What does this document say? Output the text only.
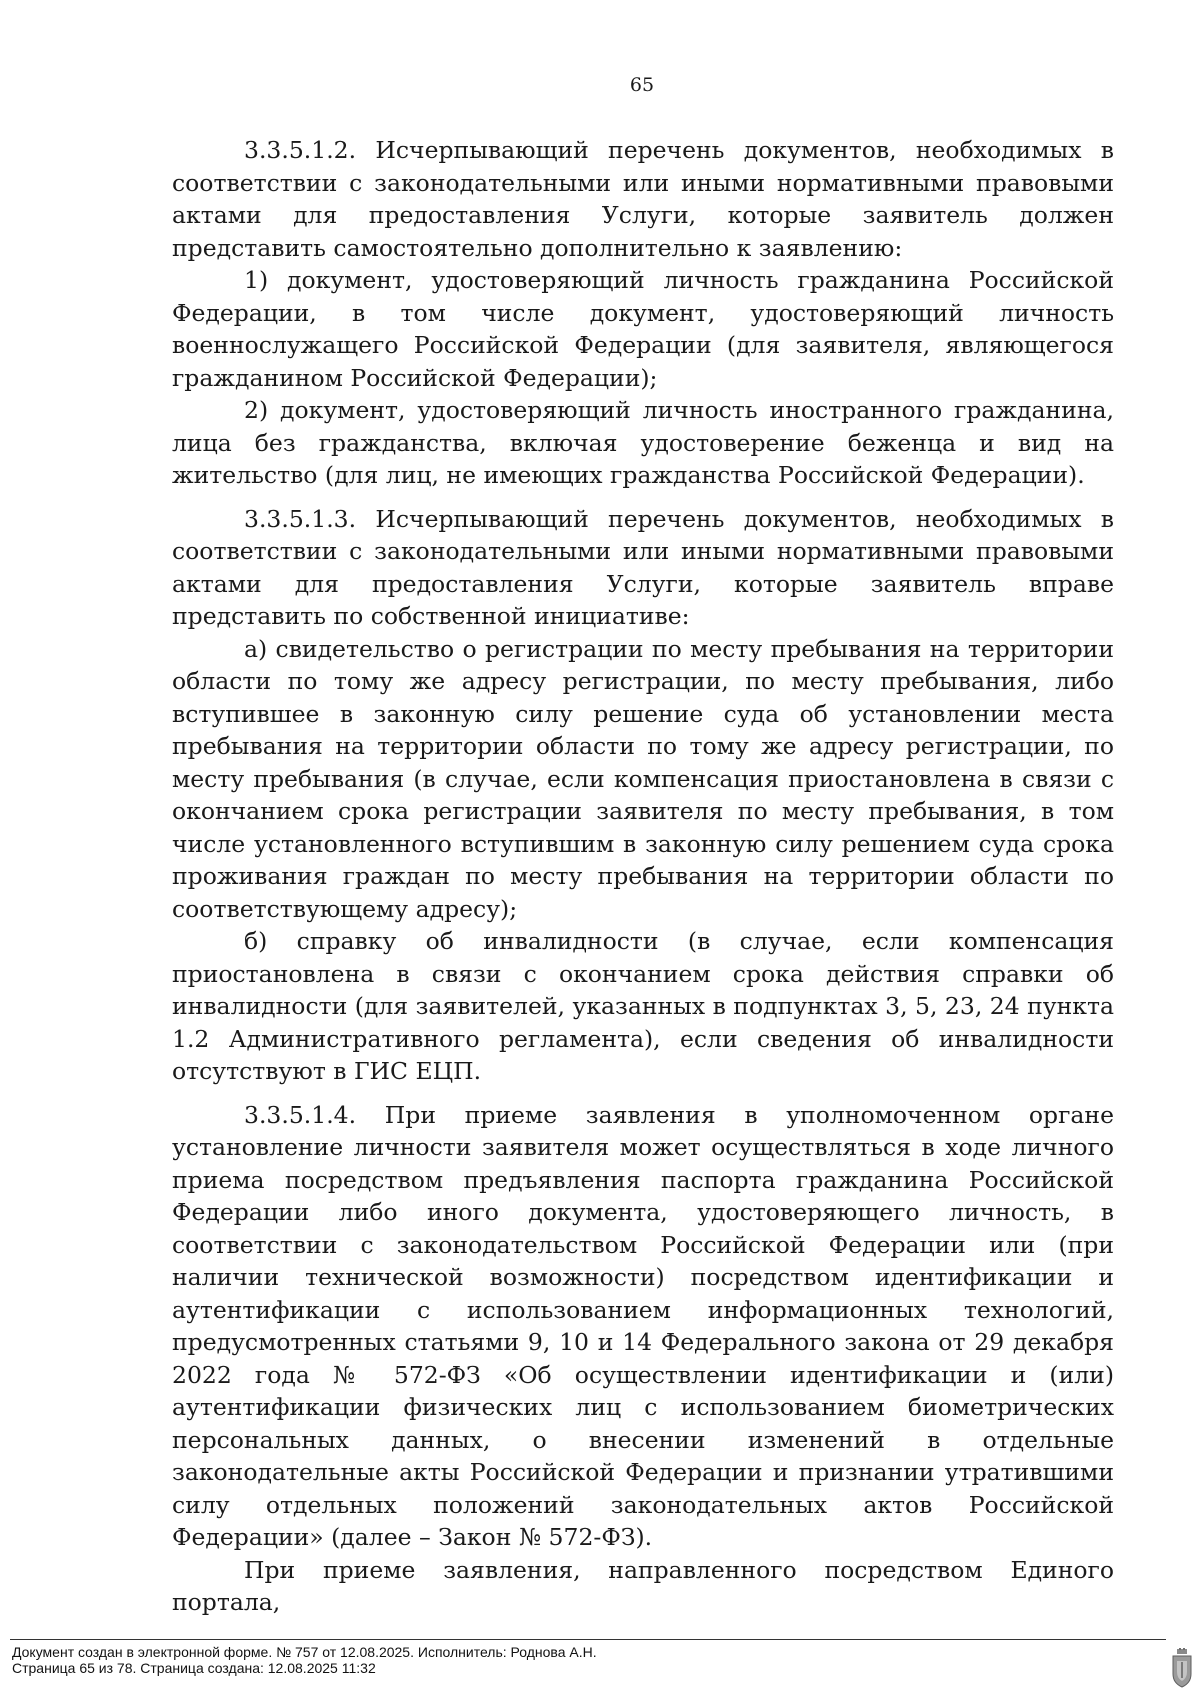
65

3.3.5.1.2. Исчерпывающий перечень документов, необходимых в соответствии с законодательными или иными нормативными правовыми актами для предоставления Услуги, которые заявитель должен представить самостоятельно дополнительно к заявлению:

1) документ, удостоверяющий личность гражданина Российской Федерации, в том числе документ, удостоверяющий личность военнослужащего Российской Федерации (для заявителя, являющегося гражданином Российской Федерации);

2) документ, удостоверяющий личность иностранного гражданина, лица без гражданства, включая удостоверение беженца и вид на жительство (для лиц, не имеющих гражданства Российской Федерации).

3.3.5.1.3. Исчерпывающий перечень документов, необходимых в соответствии с законодательными или иными нормативными правовыми актами для предоставления Услуги, которые заявитель вправе представить по собственной инициативе:

а) свидетельство о регистрации по месту пребывания на территории области по тому же адресу регистрации, по месту пребывания, либо вступившее в законную силу решение суда об установлении места пребывания на территории области по тому же адресу регистрации, по месту пребывания (в случае, если компенсация приостановлена в связи с окончанием срока регистрации заявителя по месту пребывания, в том числе установленного вступившим в законную силу решением суда срока проживания граждан по месту пребывания на территории области по соответствующему адресу);

б) справку об инвалидности (в случае, если компенсация приостановлена в связи с окончанием срока действия справки об инвалидности (для заявителей, указанных в подпунктах 3, 5, 23, 24 пункта 1.2 Административного регламента), если сведения об инвалидности отсутствуют в ГИС ЕЦП.

3.3.5.1.4. При приеме заявления в уполномоченном органе установление личности заявителя может осуществляться в ходе личного приема посредством предъявления паспорта гражданина Российской Федерации либо иного документа, удостоверяющего личность, в соответствии с законодательством Российской Федерации или (при наличии технической возможности) посредством идентификации и аутентификации с использованием информационных технологий, предусмотренных статьями 9, 10 и 14 Федерального закона от 29 декабря 2022 года № 572-ФЗ «Об осуществлении идентификации и (или) аутентификации физических лиц с использованием биометрических персональных данных, о внесении изменений в отдельные законодательные акты Российской Федерации и признании утратившими силу отдельных положений законодательных актов Российской Федерации» (далее – Закон № 572-ФЗ).

При приеме заявления, направленного посредством Единого портала,

Документ создан в электронной форме. № 757 от 12.08.2025. Исполнитель: Роднова А.Н.
Страница 65 из 78. Страница создана: 12.08.2025 11:32
